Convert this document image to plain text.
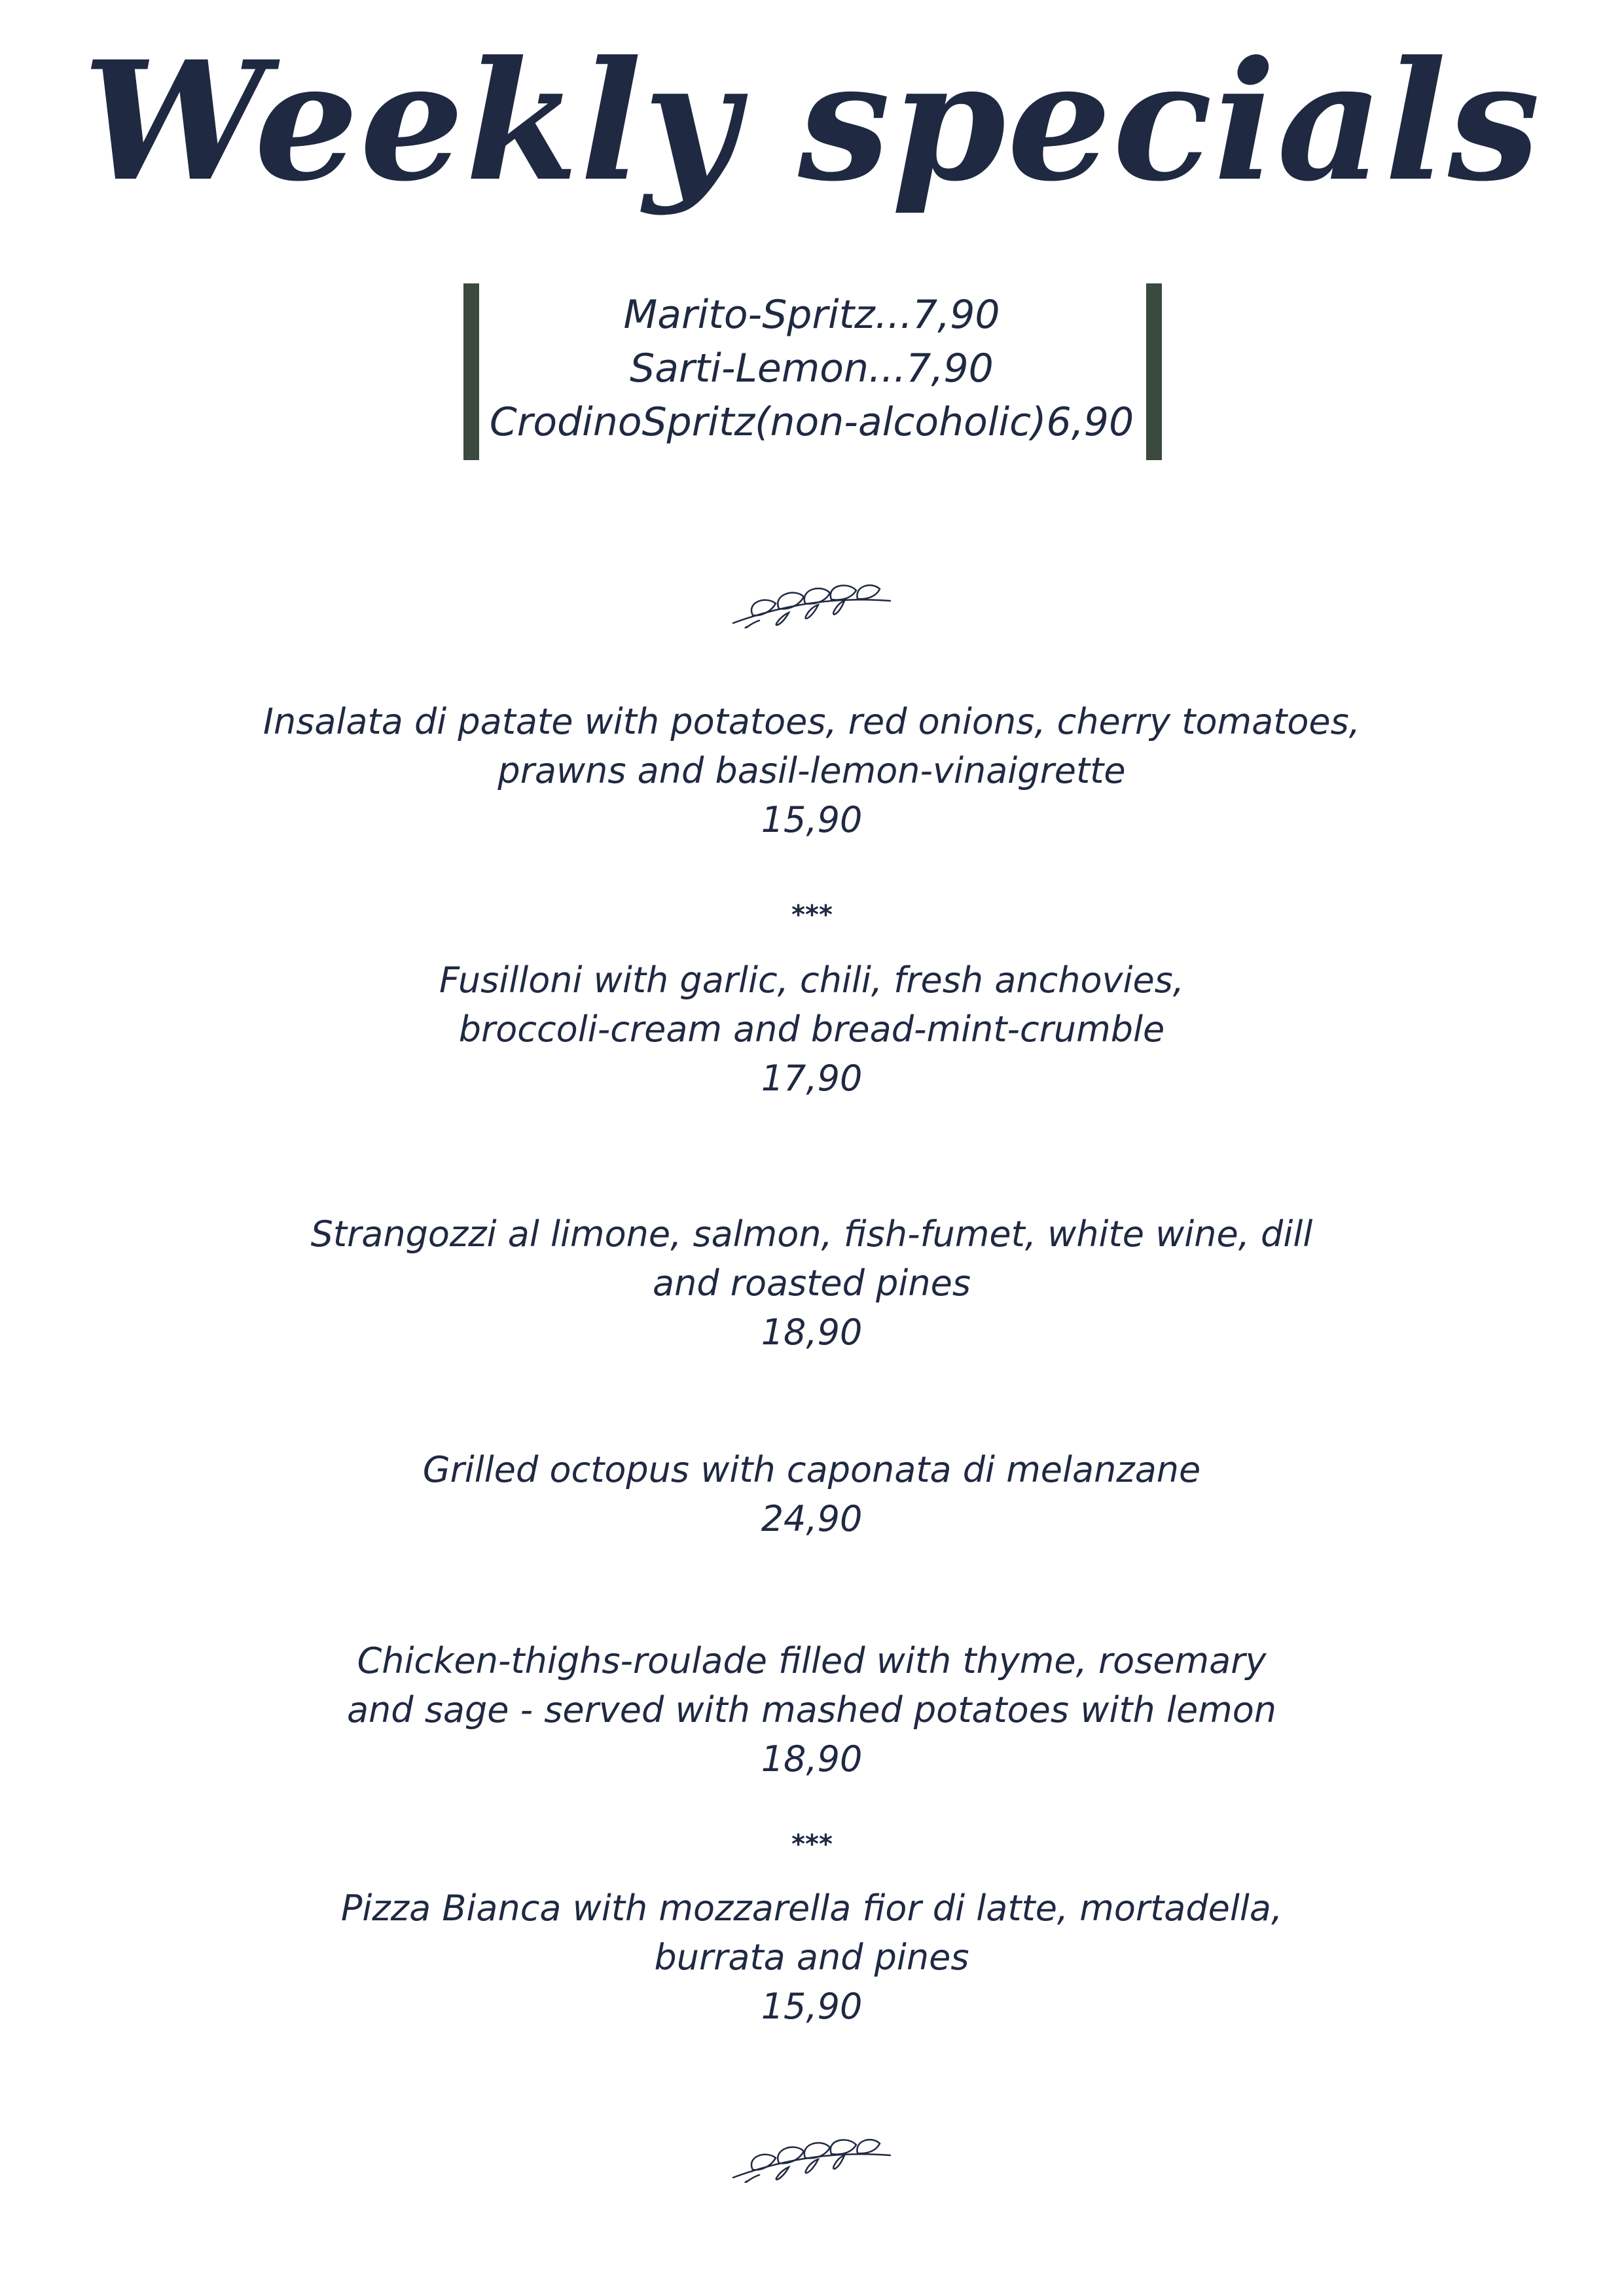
Weekly specials
Marito-Spritz...7,90
Sarti-Lemon...7,90
CrodinoSpritz(non-alcoholic)6,90
Insalata di patate with potatoes, red onions, cherry tomatoes,
prawns and basil-lemon-vinaigrette
15,90
***
Fusilloni with garlic, chili, fresh anchovies,
broccoli-cream and bread-mint-crumble
17,90
Strangozzi al limone, salmon, fish-fumet, white wine, dill
and roasted pines
18,90
Grilled octopus with caponata di melanzane
24,90
Chicken-thighs-roulade filled with thyme, rosemary
and sage - served with mashed potatoes with lemon
18,90
***
Pizza Bianca with mozzarella fior di latte, mortadella,
burrata and pines
15,90
